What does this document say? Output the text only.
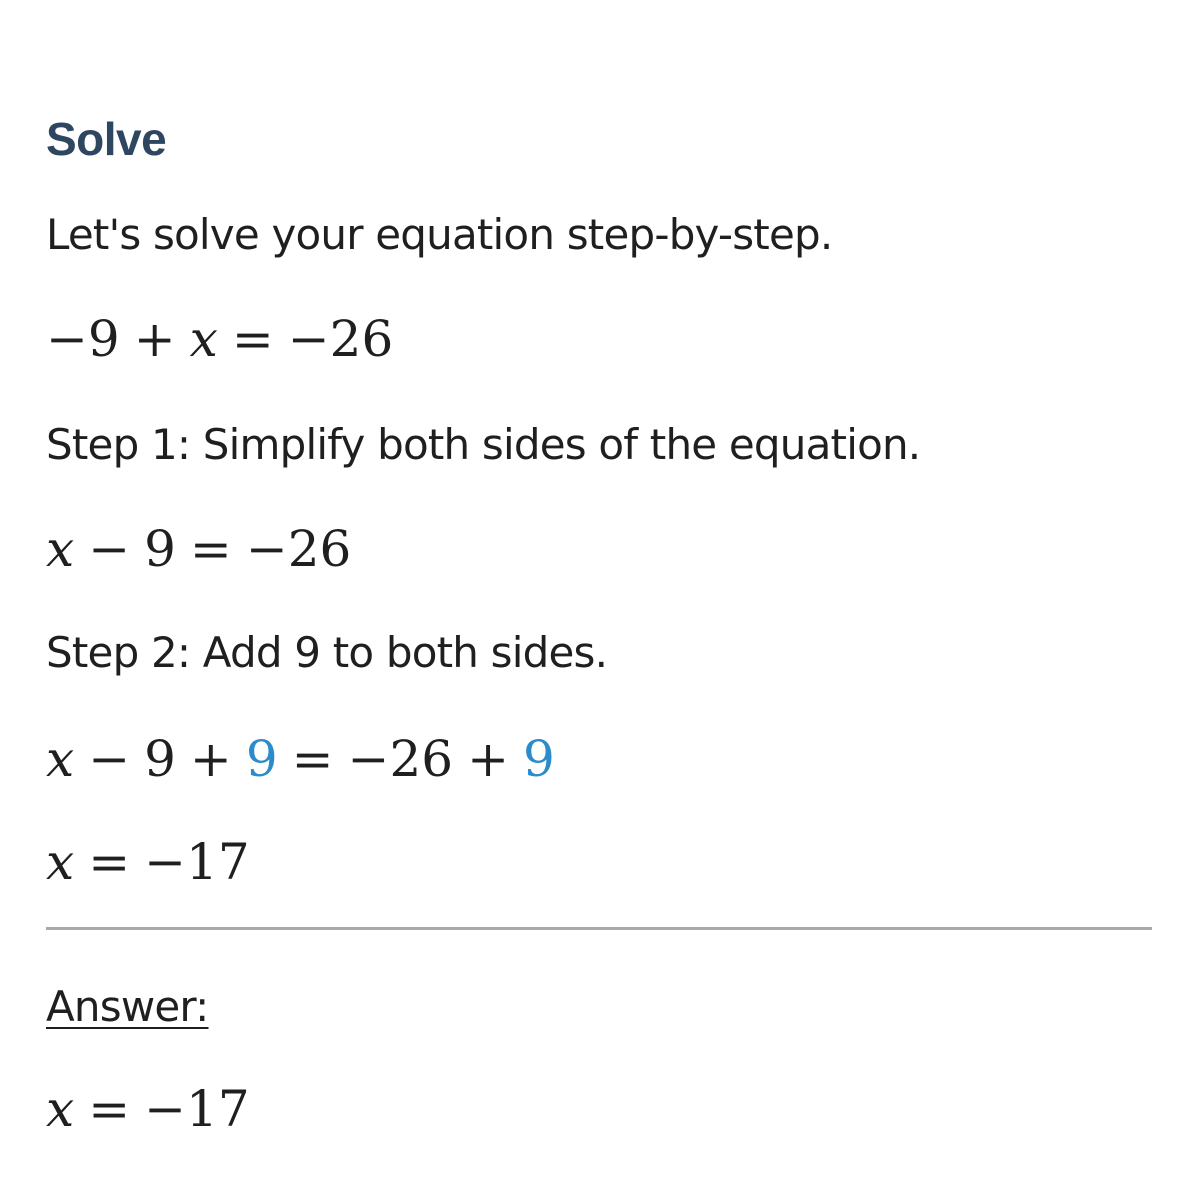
Solve
Let's solve your equation step-by-step.
−9 + x = −26
Step 1: Simplify both sides of the equation.
x − 9 = −26
Step 2: Add 9 to both sides.
x − 9 + 9 = −26 + 9
x = −17
Answer:
x = −17
